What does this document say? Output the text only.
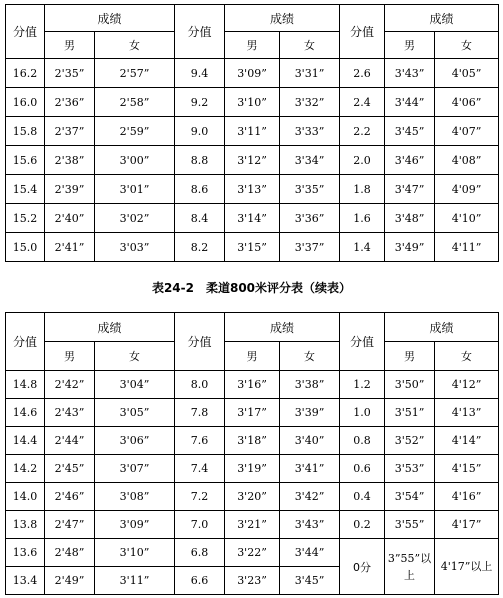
分值	成绩		分值	成绩		分值	成绩	
	男	女		男	女		男	女
16.2	2'35”	2'57”	9.4	3'09”	3'31”	2.6	3'43”	4'05”
16.0	2'36”	2'58”	9.2	3'10”	3'32”	2.4	3'44”	4'06”
15.8	2'37”	2'59”	9.0	3'11”	3'33”	2.2	3'45”	4'07”
15.6	2'38”	3'00”	8.8	3'12”	3'34”	2.0	3'46”	4'08”
15.4	2'39”	3'01”	8.6	3'13”	3'35”	1.8	3'47”	4'09”
15.2	2'40”	3'02”	8.4	3'14”	3'36”	1.6	3'48”	4'10”
15.0	2'41”	3'03”	8.2	3'15”	3'37”	1.4	3'49”	4'11”
表24-2　柔道800米评分表（续表）
分值	成绩		分值	成绩		分值	成绩	
	男	女		男	女		男	女
14.8	2'42”	3'04”	8.0	3'16”	3'38”	1.2	3'50”	4'12”
14.6	2'43”	3'05”	7.8	3'17”	3'39”	1.0	3'51”	4'13”
14.4	2'44”	3'06”	7.6	3'18”	3'40”	0.8	3'52”	4'14”
14.2	2'45”	3'07”	7.4	3'19”	3'41”	0.6	3'53”	4'15”
14.0	2'46”	3'08”	7.2	3'20”	3'42”	0.4	3'54”	4'16”
13.8	2'47”	3'09”	7.0	3'21”	3'43”	0.2	3'55”	4'17”
13.6	2'48”	3'10”	6.8	3'22”	3'44”	0分	3”55”以上	4'17”以上
13.4	2'49”	3'11”	6.6	3'23”	3'45”			
